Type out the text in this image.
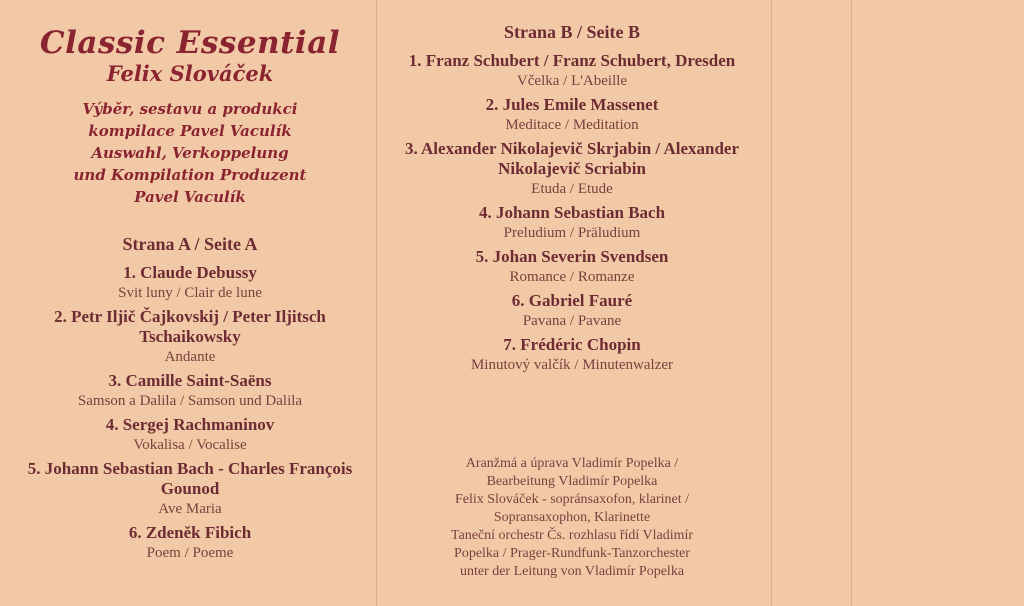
Classic Essential
Felix Slováček
Výběr, sestavu a produkci
kompilace Pavel Vaculík
Auswahl, Verkoppelung
und Kompilation Produzent
Pavel Vaculík
Strana A / Seite A
1. Claude Debussy
Svit luny / Clair de lune
2. Petr Iljič Čajkovskij / Peter Iljitsch Tschaikowsky
Andante
3. Camille Saint-Saëns
Samson a Dalila / Samson und Dalila
4. Sergej Rachmaninov
Vokalisa / Vocalise
5. Johann Sebastian Bach - Charles François Gounod
Ave Maria
6. Zdeněk Fibich
Poem / Poeme
Strana B / Seite B
1. Franz Schubert / Franz Schubert, Dresden
Včelka / L'Abeille
2. Jules Emile Massenet
Meditace / Meditation
3. Alexander Nikolajevič Skrjabin / Alexander Nikolajevič Scriabin
Etuda / Etude
4. Johann Sebastian Bach
Preludium / Präludium
5. Johan Severin Svendsen
Romance / Romanze
6. Gabriel Fauré
Pavana / Pavane
7. Frédéric Chopin
Minutový valčík / Minutenwalzer
Aranžmá a úprava Vladimír Popelka /
Bearbeitung Vladimír Popelka
Felix Slováček - sopránsaxofon, klarinet /
Sopransaxophon, Klarinette
Taneční orchestr Čs. rozhlasu řídí Vladimír
Popelka / Prager-Rundfunk-Tanzorchester
unter der Leitung von Vladimír Popelka
